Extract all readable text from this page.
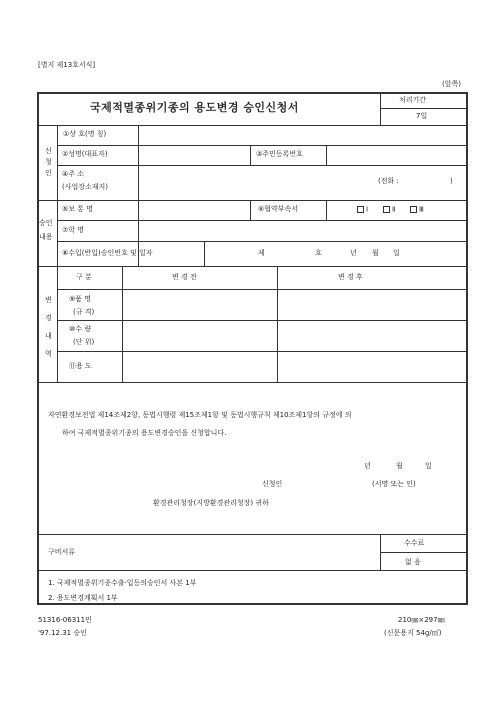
[별지 제13호서식]
(앞쪽)
국제적멸종위기종의 용도변경 승인신청서
처리기간
7일
신
청
인
①상 호(명 칭)
②성명(대표자)	③주민등록번호
④주 소
(사업장소재지)
(전화 :	)
승인
내용
⑤보 통 명	⑥협약부속서	Ⅰ	Ⅱ	Ⅲ
⑦학 명
⑧수입(반입)승인번호 및 일자	제	호	년 월 일
변
경
내
역
구 분	변 경 전	변 경 후
⑨품 명
(규 격)
⑩수 량
(단 위)
⑪용 도
자연환경보전법 제14조제2항, 동법시행령 제15조제1항 및 동법시행규칙 제10조제1항의 규정에 의
하여 국제적멸종위기종의 용도변경승인을 신청합니다.
년	월	일
신청인	(서명 또는 인)
환경관리청장(지방환경관리청장) 귀하
구비서류
수수료
없 음
1. 국제적멸종위기종수출·입등의승인서 사본 1부
2. 용도변경계획서 1부
51316-06311민
'97.12.31 승인
210㎜×297㎜
(신문용지 54g/㎡)
